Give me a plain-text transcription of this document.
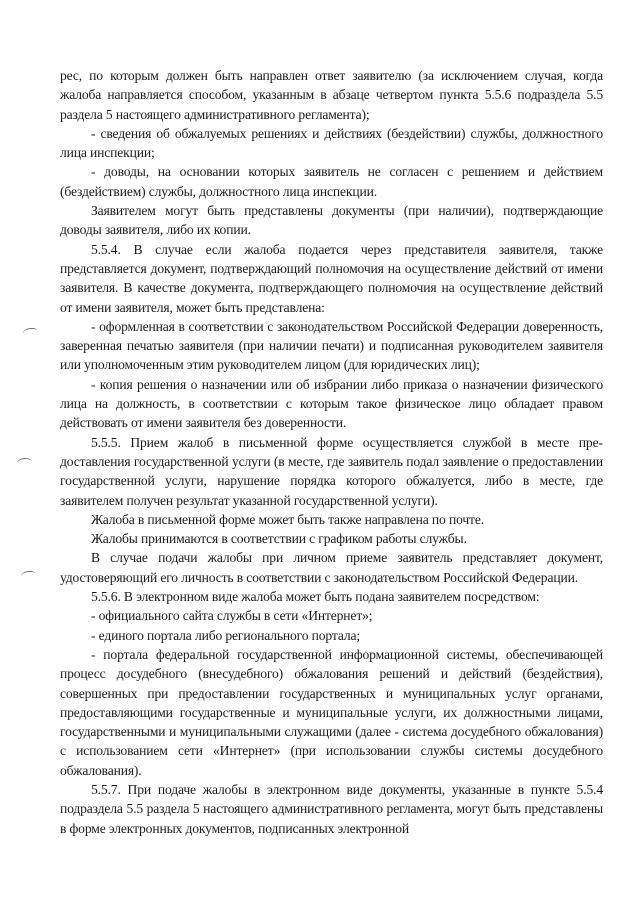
рес, по которым должен быть направлен ответ заявителю (за исключением случая, когда жалоба направляется способом, указанным в абзаце четвертом пункта 5.5.6 подраздела 5.5 раздела 5 настоящего административного регламента);

- сведения об обжалуемых решениях и действиях (бездействии) службы, должностного лица инспекции;

- доводы, на основании которых заявитель не согласен с решением и действием (бездействием) службы, должностного лица инспекции.

Заявителем могут быть представлены документы (при наличии), подтверждающие доводы заявителя, либо их копии.

5.5.4. В случае если жалоба подается через представителя заявителя, также представляется документ, подтверждающий полномочия на осуществление действий от имени заявителя. В качестве документа, подтверждающего полномочия на осуществление действий от имени заявителя, может быть представлена:

- оформленная в соответствии с законодательством Российской Федерации доверенность, заверенная печатью заявителя (при наличии печати) и подписанная руководителем заявителя или уполномоченным этим руководителем лицом (для юридических лиц);

- копия решения о назначении или об избрании либо приказа о назначении физического лица на должность, в соответствии с которым такое физическое лицо обладает правом действовать от имени заявителя без доверенности.

5.5.5. Прием жалоб в письменной форме осуществляется службой в месте предоставления государственной услуги (в месте, где заявитель подал заявление о предоставлении государственной услуги, нарушение порядка которого обжалуется, либо в месте, где заявителем получен результат указанной государственной услуги).

Жалоба в письменной форме может быть также направлена по почте.

Жалобы принимаются в соответствии с графиком работы службы.

В случае подачи жалобы при личном приеме заявитель представляет документ, удостоверяющий его личность в соответствии с законодательством Российской Федерации.

5.5.6. В электронном виде жалоба может быть подана заявителем посредством:

- официального сайта службы в сети «Интернет»;

- единого портала либо регионального портала;

- портала федеральной государственной информационной системы, обеспечивающей процесс досудебного (внесудебного) обжалования решений и действий (бездействия), совершенных при предоставлении государственных и муниципальных услуг органами, предоставляющими государственные и муниципальные услуги, их должностными лицами, государственными и муниципальными служащими (далее - система досудебного обжалования) с использованием сети «Интернет» (при использовании службы системы досудебного обжалования).

5.5.7. При подаче жалобы в электронном виде документы, указанные в пункте 5.5.4 подраздела 5.5 раздела 5 настоящего административного регламента, могут быть представлены в форме электронных документов, подписанных электронной
